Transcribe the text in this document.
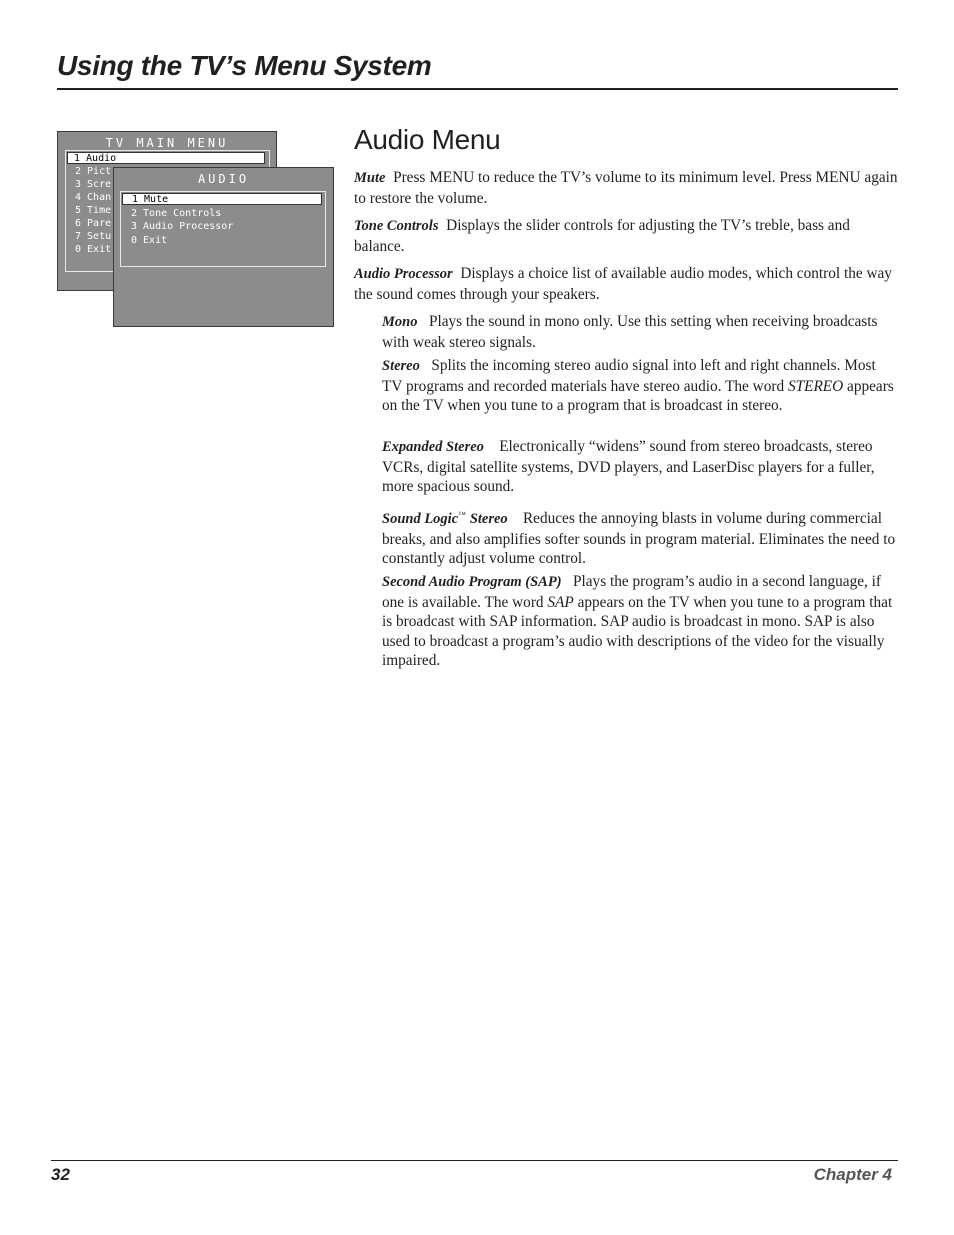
Using the TV’s Menu System
TV MAIN MENU
1 Audio
2 Pict
3 Scre
4 Chan
5 Time
6 Pare
7 Setu
0 Exit
AUDIO
1 Mute
2 Tone Controls
3 Audio Processor
0 Exit
Audio Menu
Mute Press MENU to reduce the TV’s volume to its minimum level. Press MENU again to restore the volume.
Tone Controls Displays the slider controls for adjusting the TV’s treble, bass and balance.
Audio Processor Displays a choice list of available audio modes, which control the way the sound comes through your speakers.
Mono Plays the sound in mono only. Use this setting when receiving broadcasts with weak stereo signals.
Stereo Splits the incoming stereo audio signal into left and right channels. Most TV programs and recorded materials have stereo audio. The word STEREO appears on the TV when you tune to a program that is broadcast in stereo.
Expanded Stereo Electronically “widens” sound from stereo broadcasts, stereo VCRs, digital satellite systems, DVD players, and LaserDisc players for a fuller, more spacious sound.
Sound Logic™ Stereo Reduces the annoying blasts in volume during commercial breaks, and also amplifies softer sounds in program material. Eliminates the need to constantly adjust volume control.
Second Audio Program (SAP) Plays the program’s audio in a second language, if one is available. The word SAP appears on the TV when you tune to a program that is broadcast with SAP information. SAP audio is broadcast in mono. SAP is also used to broadcast a program’s audio with descriptions of the video for the visually impaired.
32	Chapter 4
